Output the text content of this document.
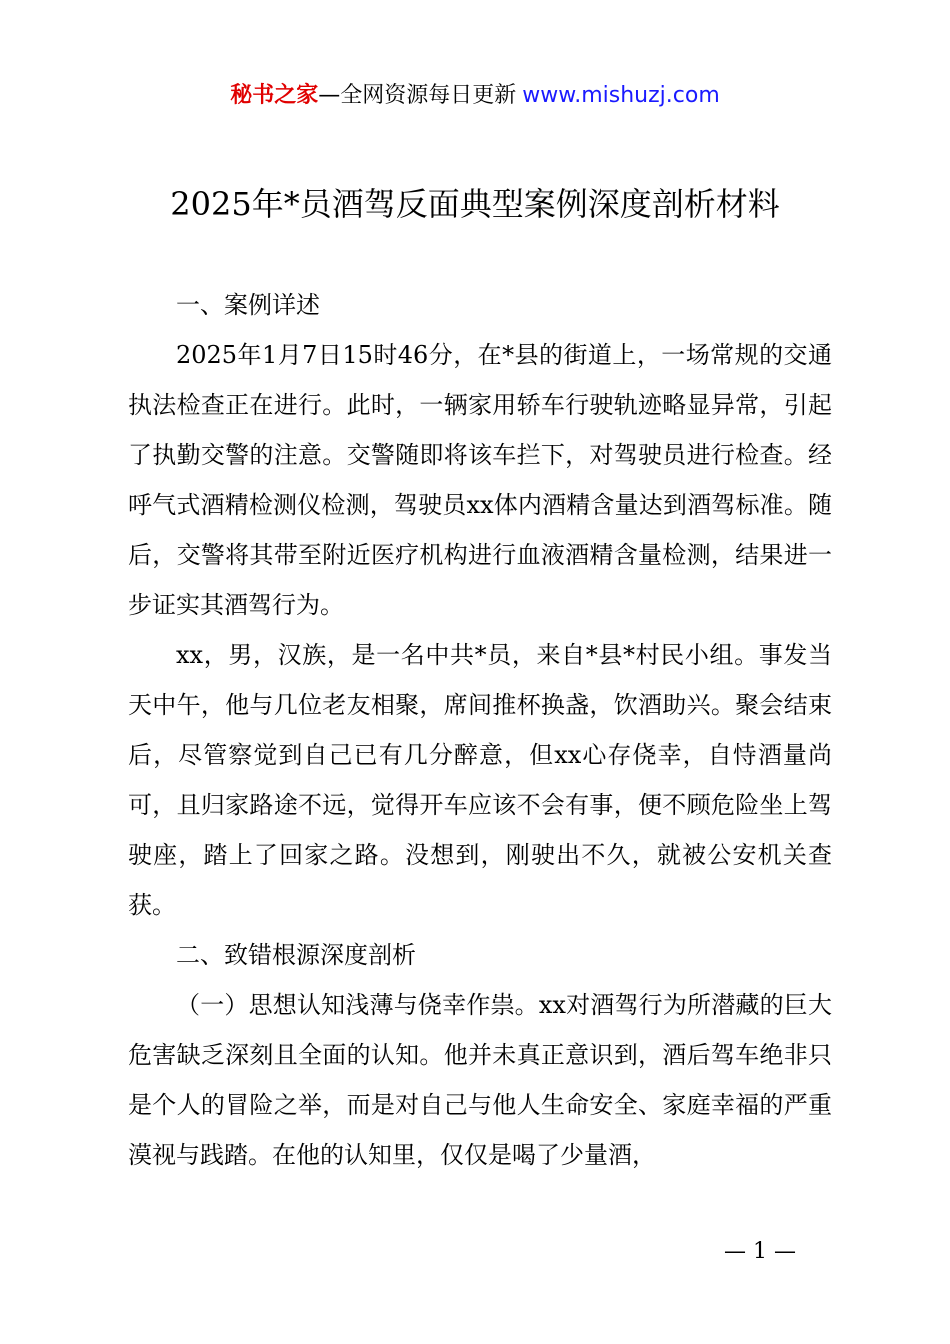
秘书之家—全网资源每日更新 www.mishuzj.com
2025年*员酒驾反面典型案例深度剖析材料

一、案例详述

2025年1月7日15时46分，在*县的街道上，一场常规的交通执法检查正在进行。此时，一辆家用轿车行驶轨迹略显异常，引起了执勤交警的注意。交警随即将该车拦下，对驾驶员进行检查。经呼气式酒精检测仪检测，驾驶员xx体内酒精含量达到酒驾标准。随后，交警将其带至附近医疗机构进行血液酒精含量检测，结果进一步证实其酒驾行为。

xx，男，汉族，是一名中共*员，来自*县*村民小组。事发当天中午，他与几位老友相聚，席间推杯换盏，饮酒助兴。聚会结束后，尽管察觉到自己已有几分醉意，但xx心存侥幸，自恃酒量尚可，且归家路途不远，觉得开车应该不会有事，便不顾危险坐上驾驶座，踏上了回家之路。没想到，刚驶出不久，就被公安机关查获。

二、致错根源深度剖析

（一）思想认知浅薄与侥幸作祟。xx对酒驾行为所潜藏的巨大危害缺乏深刻且全面的认知。他并未真正意识到，酒后驾车绝非只是个人的冒险之举，而是对自己与他人生命安全、家庭幸福的严重漠视与践踏。在他的认知里，仅仅是喝了少量酒，

— 1 —
